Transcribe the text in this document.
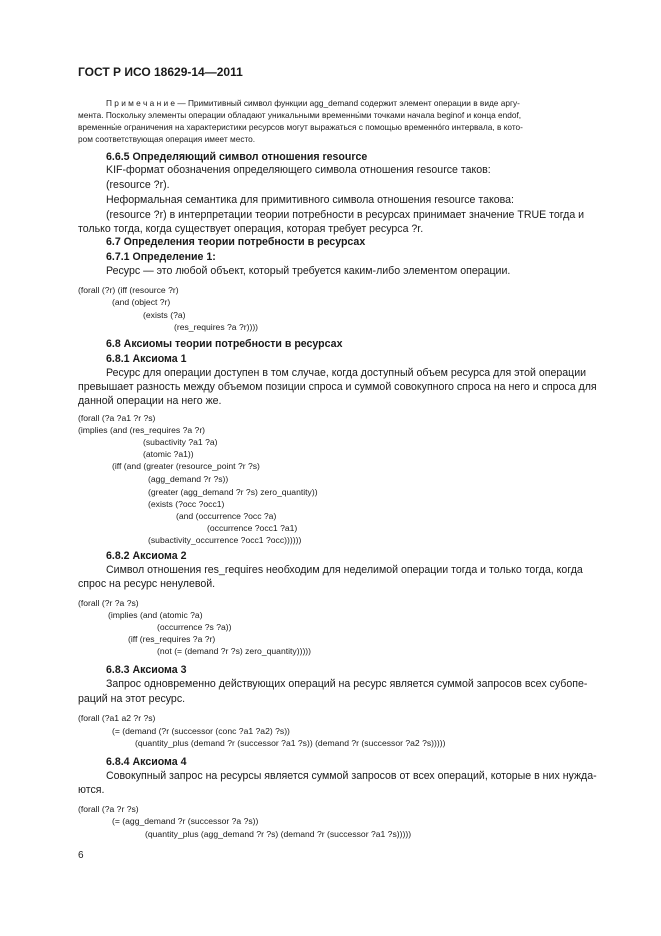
ГОСТ Р ИСО 18629-14—2011
П р и м е ч а н и е — Примитивный символ функции agg_demand содержит элемент операции в виде аргу-
мента. Поскольку элементы операции обладают уникальными временны́ми точками начала beginof и конца endof,
временны́е ограничения на характеристики ресурсов могут выражаться с помощью временно́го интервала, в кото-
ром соответствующая операция имеет место.
6.6.5 Определяющий символ отношения resource
KIF-формат обозначения определяющего символа отношения resource таков:
(resource ?r).
Неформальная семантика для примитивного символа отношения resource такова:
(resource ?r) в интерпретации теории потребности в ресурсах принимает значение TRUE тогда и
только тогда, когда существует операция, которая требует ресурса ?r.
6.7 Определения теории потребности в ресурсах
6.7.1 Определение 1:
Ресурс — это любой объект, который требуется каким-либо элементом операции.
(forall (?r) (iff (resource ?r)
(and (object ?r)
(exists (?a)
(res_requires ?a ?r))))
6.8 Аксиомы теории потребности в ресурсах
6.8.1 Аксиома 1
Ресурс для операции доступен в том случае, когда доступный объем ресурса для этой операции
превышает разность между объемом позиции спроса и суммой совокупного спроса на него и спроса для
данной операции на него же.
(forall (?a ?a1 ?r ?s)
(implies (and (res_requires ?a ?r)
(subactivity ?a1 ?a)
(atomic ?a1))
(iff (and (greater (resource_point ?r ?s)
(agg_demand ?r ?s))
(greater (agg_demand ?r ?s) zero_quantity))
(exists (?occ ?occ1)
(and (occurrence ?occ ?a)
(occurrence ?occ1 ?a1)
(subactivity_occurrence ?occ1 ?occ))))))
6.8.2 Аксиома 2
Символ отношения res_requires необходим для неделимой операции тогда и только тогда, когда
спрос на ресурс ненулевой.
(forall (?r ?a ?s)
(implies (and (atomic ?a)
(occurrence ?s ?a))
(iff (res_requires ?a ?r)
(not (= (demand ?r ?s) zero_quantity)))))
6.8.3 Аксиома 3
Запрос одновременно действующих операций на ресурс является суммой запросов всех субопе-
раций на этот ресурс.
(forall (?a1 a2 ?r ?s)
(= (demand (?r (successor (conc ?a1 ?a2) ?s))
(quantity_plus (demand ?r (successor ?a1 ?s)) (demand ?r (successor ?a2 ?s)))))
6.8.4 Аксиома 4
Совокупный запрос на ресурсы является суммой запросов от всех операций, которые в них нужда-
ются.
(forall (?a ?r ?s)
(= (agg_demand ?r (successor ?a ?s))
(quantity_plus (agg_demand ?r ?s) (demand ?r (successor ?a1 ?s)))))
6
